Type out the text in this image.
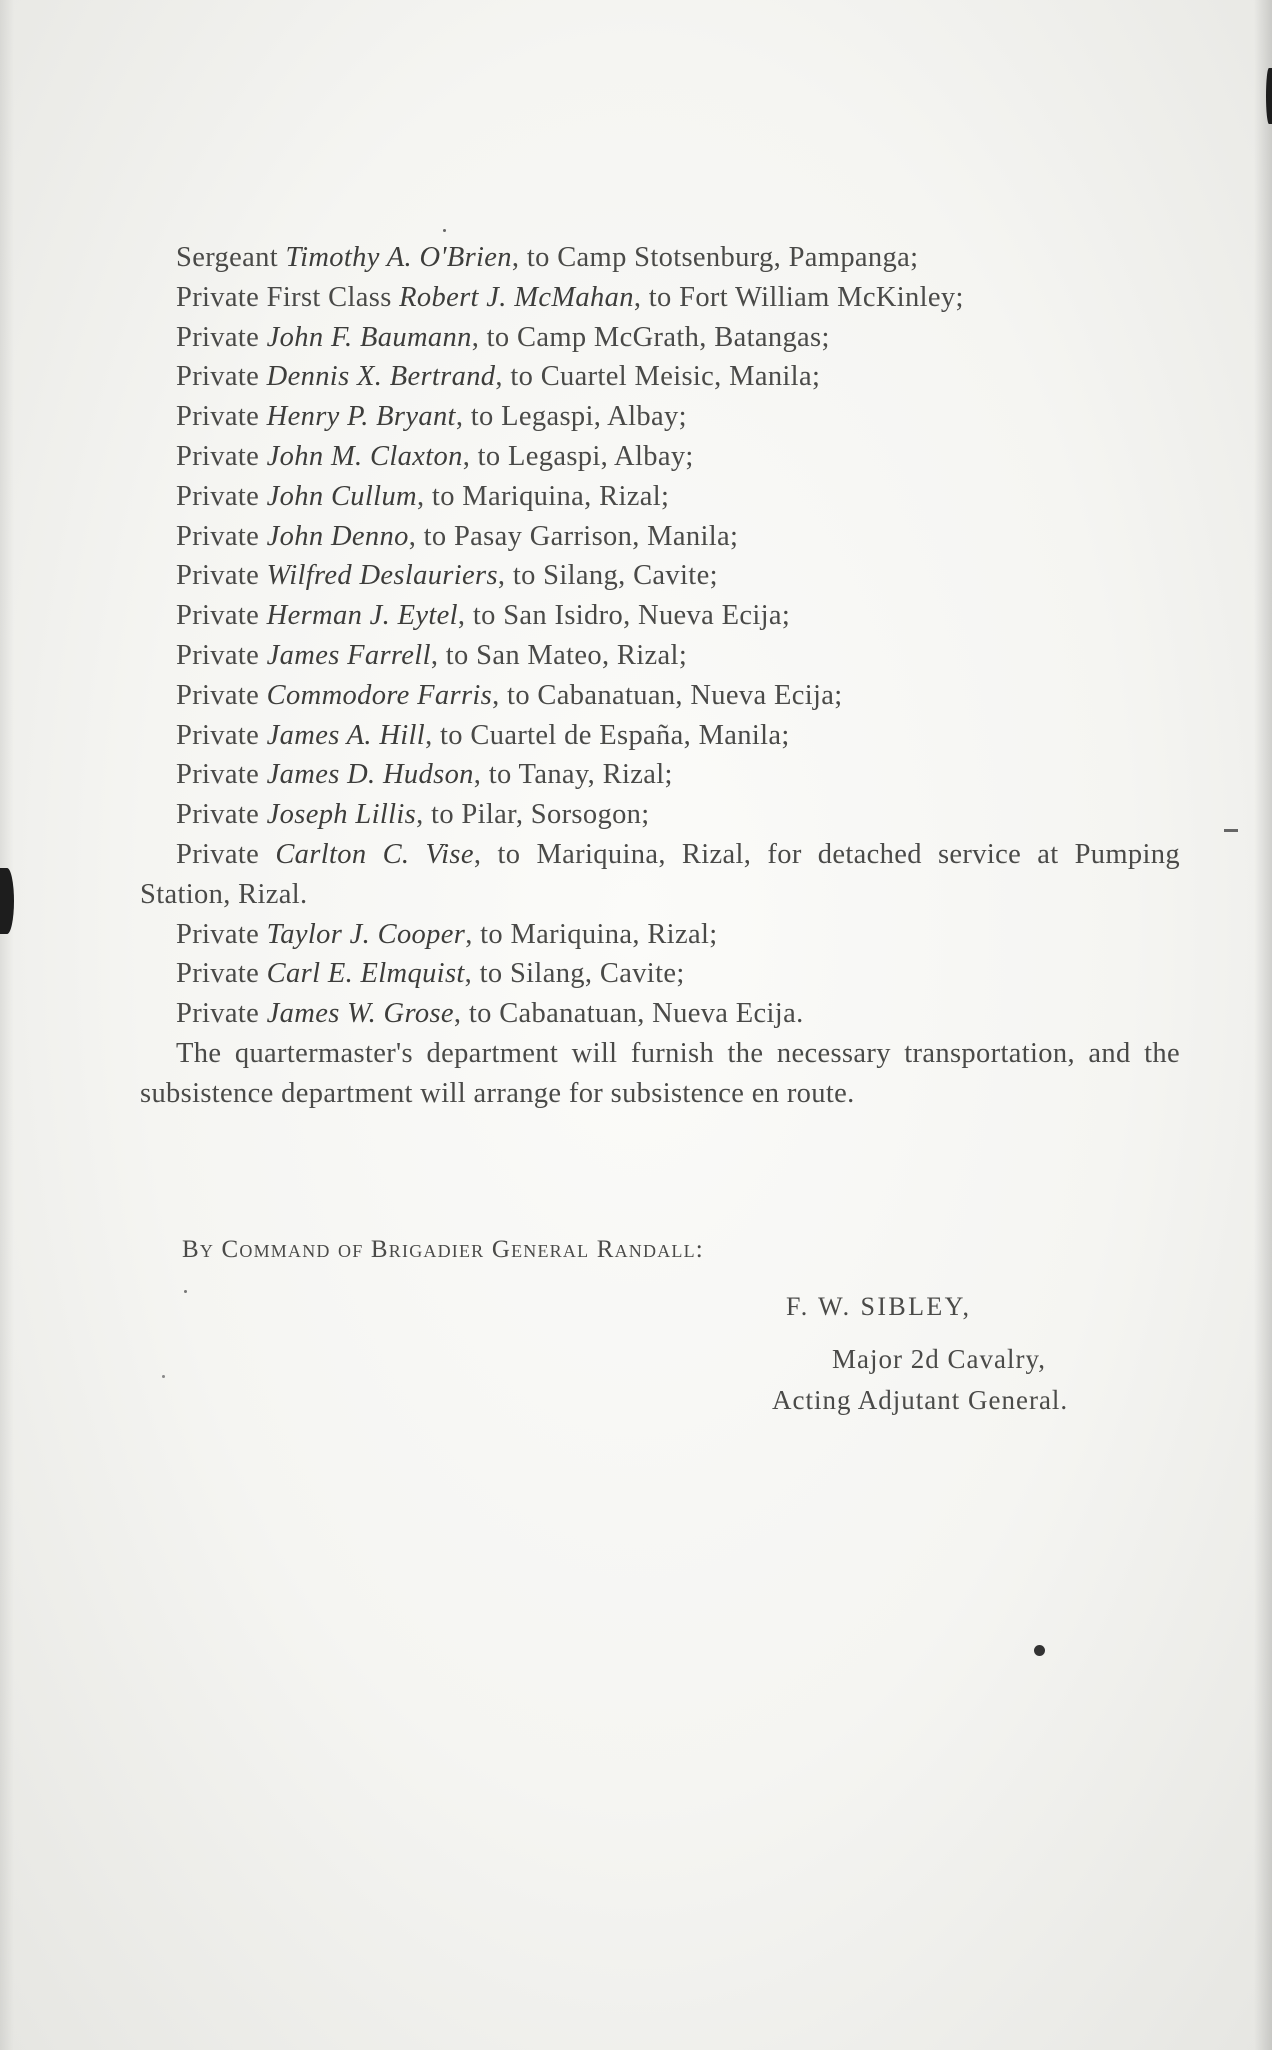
Sergeant Timothy A. O'Brien, to Camp Stotsenburg, Pampanga;

Private First Class Robert J. McMahan, to Fort William McKinley;

Private John F. Baumann, to Camp McGrath, Batangas;

Private Dennis X. Bertrand, to Cuartel Meisic, Manila;

Private Henry P. Bryant, to Legaspi, Albay;

Private John M. Claxton, to Legaspi, Albay;

Private John Cullum, to Mariquina, Rizal;

Private John Denno, to Pasay Garrison, Manila;

Private Wilfred Deslauriers, to Silang, Cavite;

Private Herman J. Eytel, to San Isidro, Nueva Ecija;

Private James Farrell, to San Mateo, Rizal;

Private Commodore Farris, to Cabanatuan, Nueva Ecija;

Private James A. Hill, to Cuartel de España, Manila;

Private James D. Hudson, to Tanay, Rizal;

Private Joseph Lillis, to Pilar, Sorsogon;

Private Carlton C. Vise, to Mariquina, Rizal, for detached service at Pumping Station, Rizal.

Private Taylor J. Cooper, to Mariquina, Rizal;

Private Carl E. Elmquist, to Silang, Cavite;

Private James W. Grose, to Cabanatuan, Nueva Ecija.

The quartermaster's department will furnish the necessary transportation, and the subsistence department will arrange for subsistence en route.

By Command of Brigadier General Randall:
F. W. SIBLEY,
Major 2d Cavalry,
Acting Adjutant General.
